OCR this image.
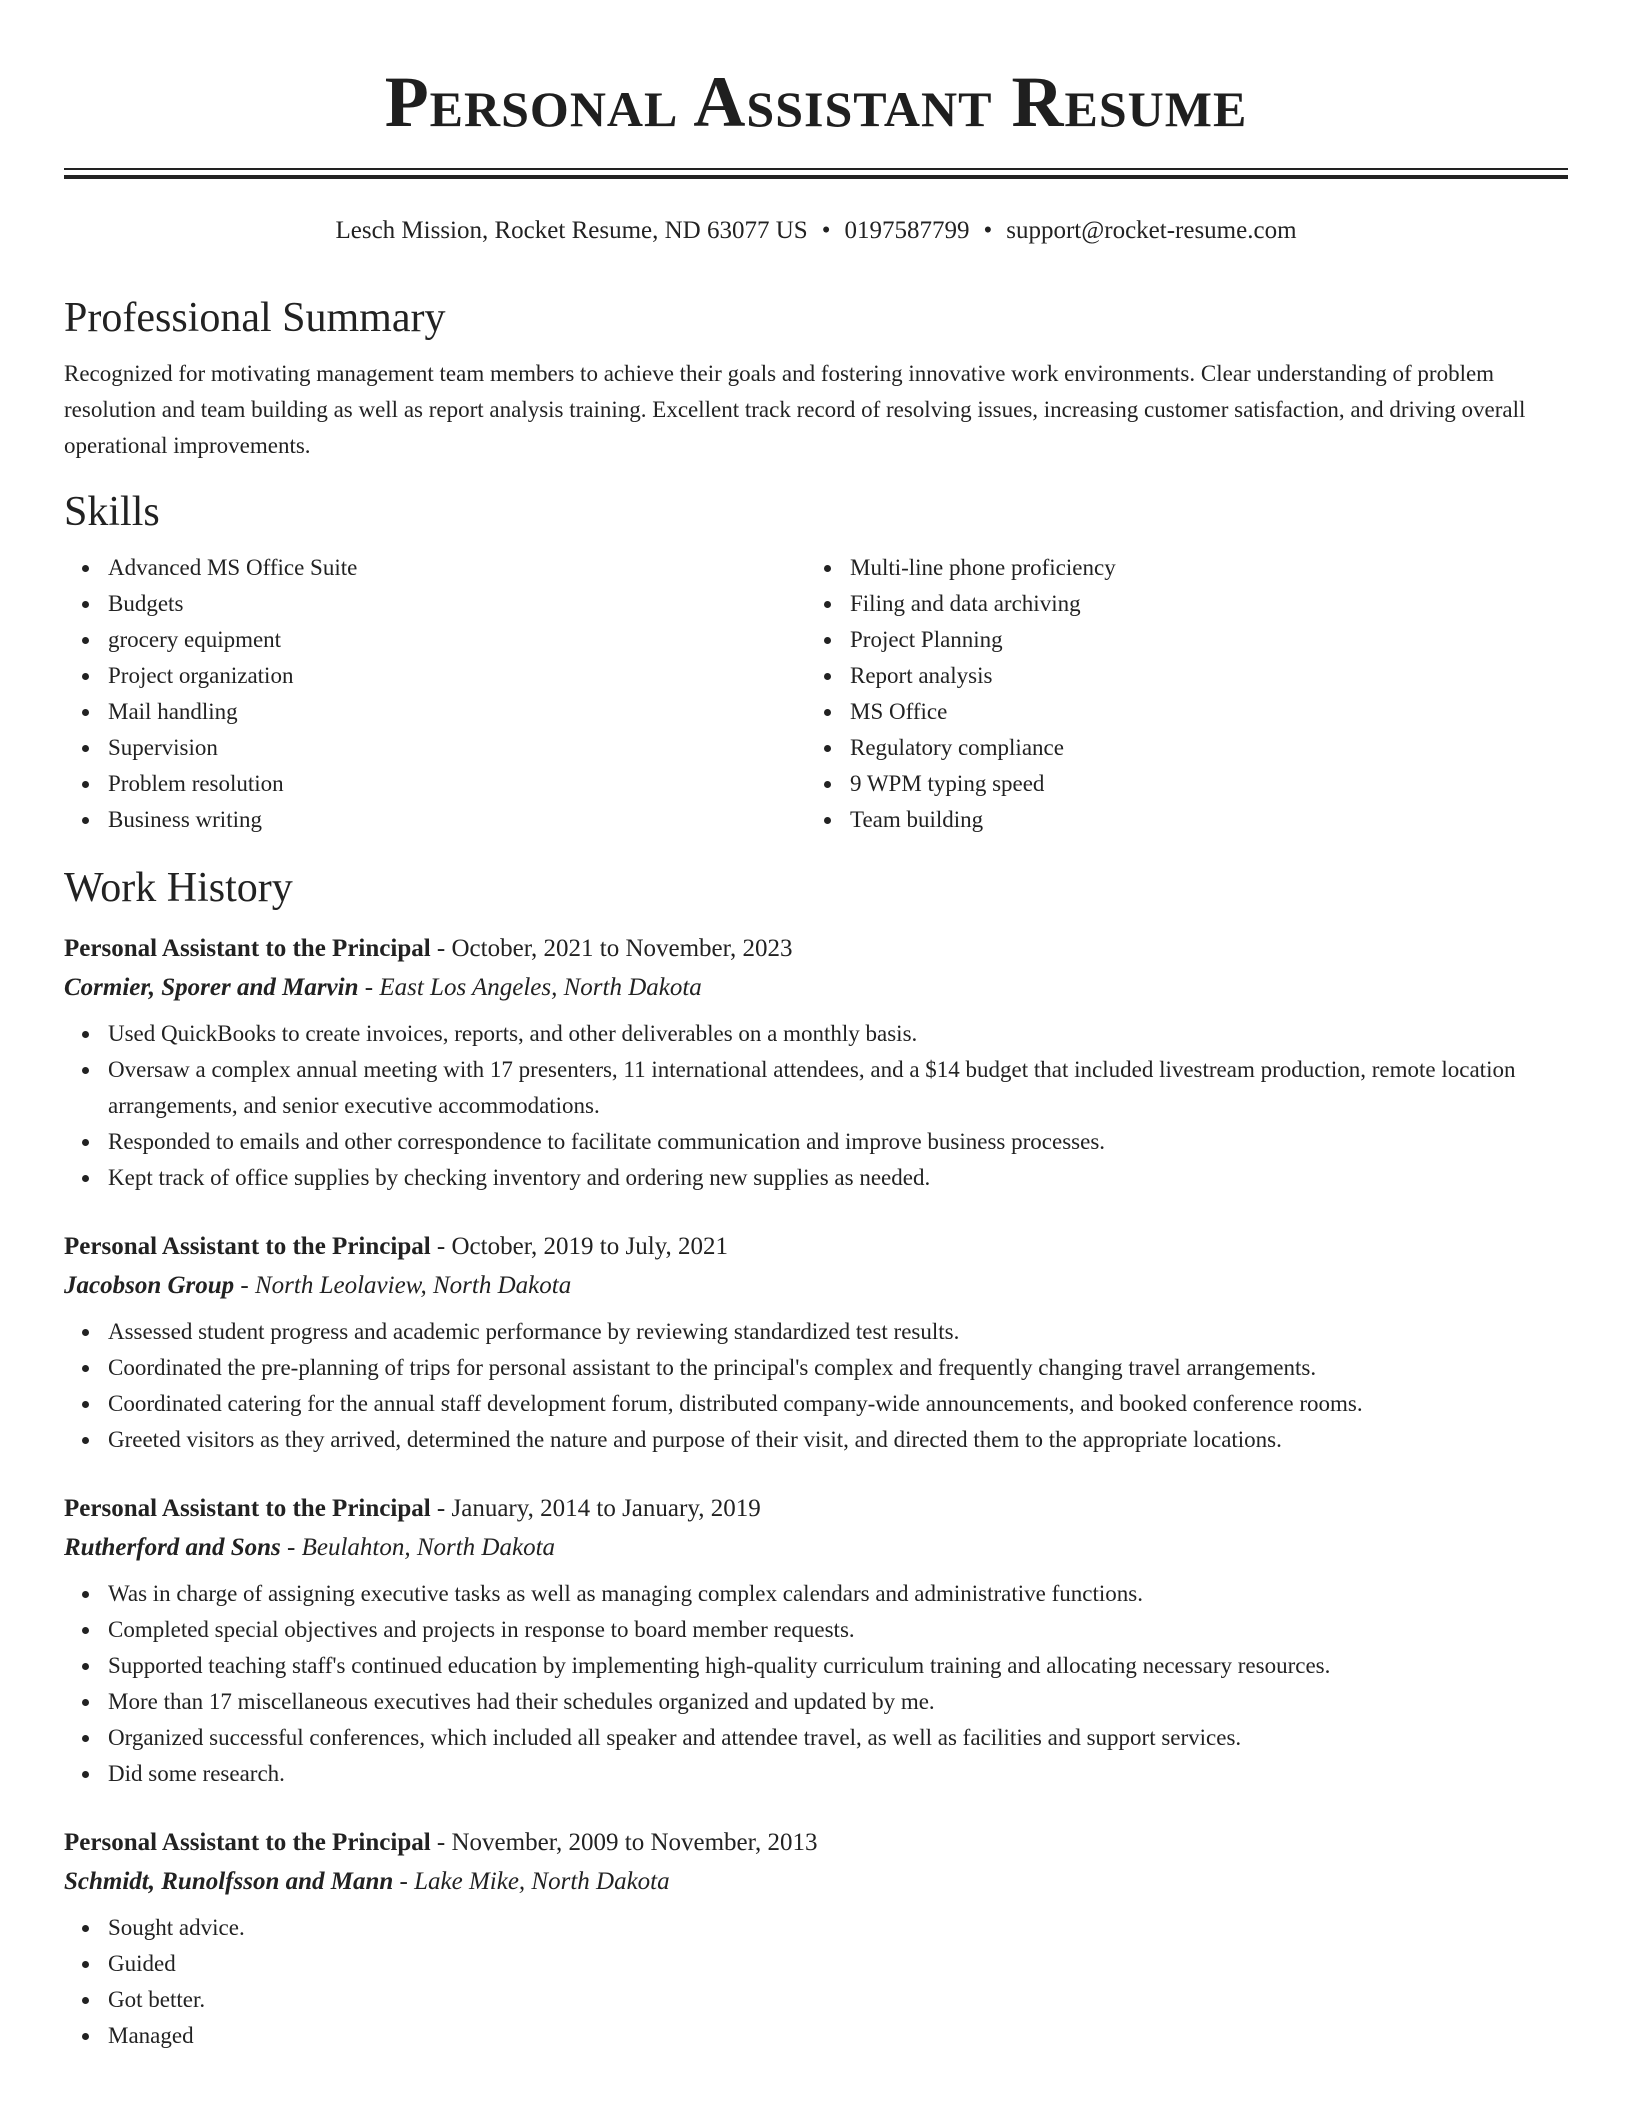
Personal Assistant Resume
Lesch Mission, Rocket Resume, ND 63077 US • 0197587799 • support@rocket-resume.com
Professional Summary

Recognized for motivating management team members to achieve their goals and fostering innovative work environments. Clear understanding of problem resolution and team building as well as report analysis training. Excellent track record of resolving issues, increasing customer satisfaction, and driving overall operational improvements.

Skills
Advanced MS Office Suite
Budgets
grocery equipment
Project organization
Mail handling
Supervision
Problem resolution
Business writing
Multi-line phone proficiency
Filing and data archiving
Project Planning
Report analysis
MS Office
Regulatory compliance
9 WPM typing speed
Team building
Work History
Personal Assistant to the Principal - October, 2021 to November, 2023
Cormier, Sporer and Marvin - East Los Angeles, North Dakota
Used QuickBooks to create invoices, reports, and other deliverables on a monthly basis.
Oversaw a complex annual meeting with 17 presenters, 11 international attendees, and a $14 budget that included livestream production, remote location arrangements, and senior executive accommodations.
Responded to emails and other correspondence to facilitate communication and improve business processes.
Kept track of office supplies by checking inventory and ordering new supplies as needed.
Personal Assistant to the Principal - October, 2019 to July, 2021
Jacobson Group - North Leolaview, North Dakota
Assessed student progress and academic performance by reviewing standardized test results.
Coordinated the pre-planning of trips for personal assistant to the principal's complex and frequently changing travel arrangements.
Coordinated catering for the annual staff development forum, distributed company-wide announcements, and booked conference rooms.
Greeted visitors as they arrived, determined the nature and purpose of their visit, and directed them to the appropriate locations.
Personal Assistant to the Principal - January, 2014 to January, 2019
Rutherford and Sons - Beulahton, North Dakota
Was in charge of assigning executive tasks as well as managing complex calendars and administrative functions.
Completed special objectives and projects in response to board member requests.
Supported teaching staff's continued education by implementing high-quality curriculum training and allocating necessary resources.
More than 17 miscellaneous executives had their schedules organized and updated by me.
Organized successful conferences, which included all speaker and attendee travel, as well as facilities and support services.
Did some research.
Personal Assistant to the Principal - November, 2009 to November, 2013
Schmidt, Runolfsson and Mann - Lake Mike, North Dakota
Sought advice.
Guided
Got better.
Managed
